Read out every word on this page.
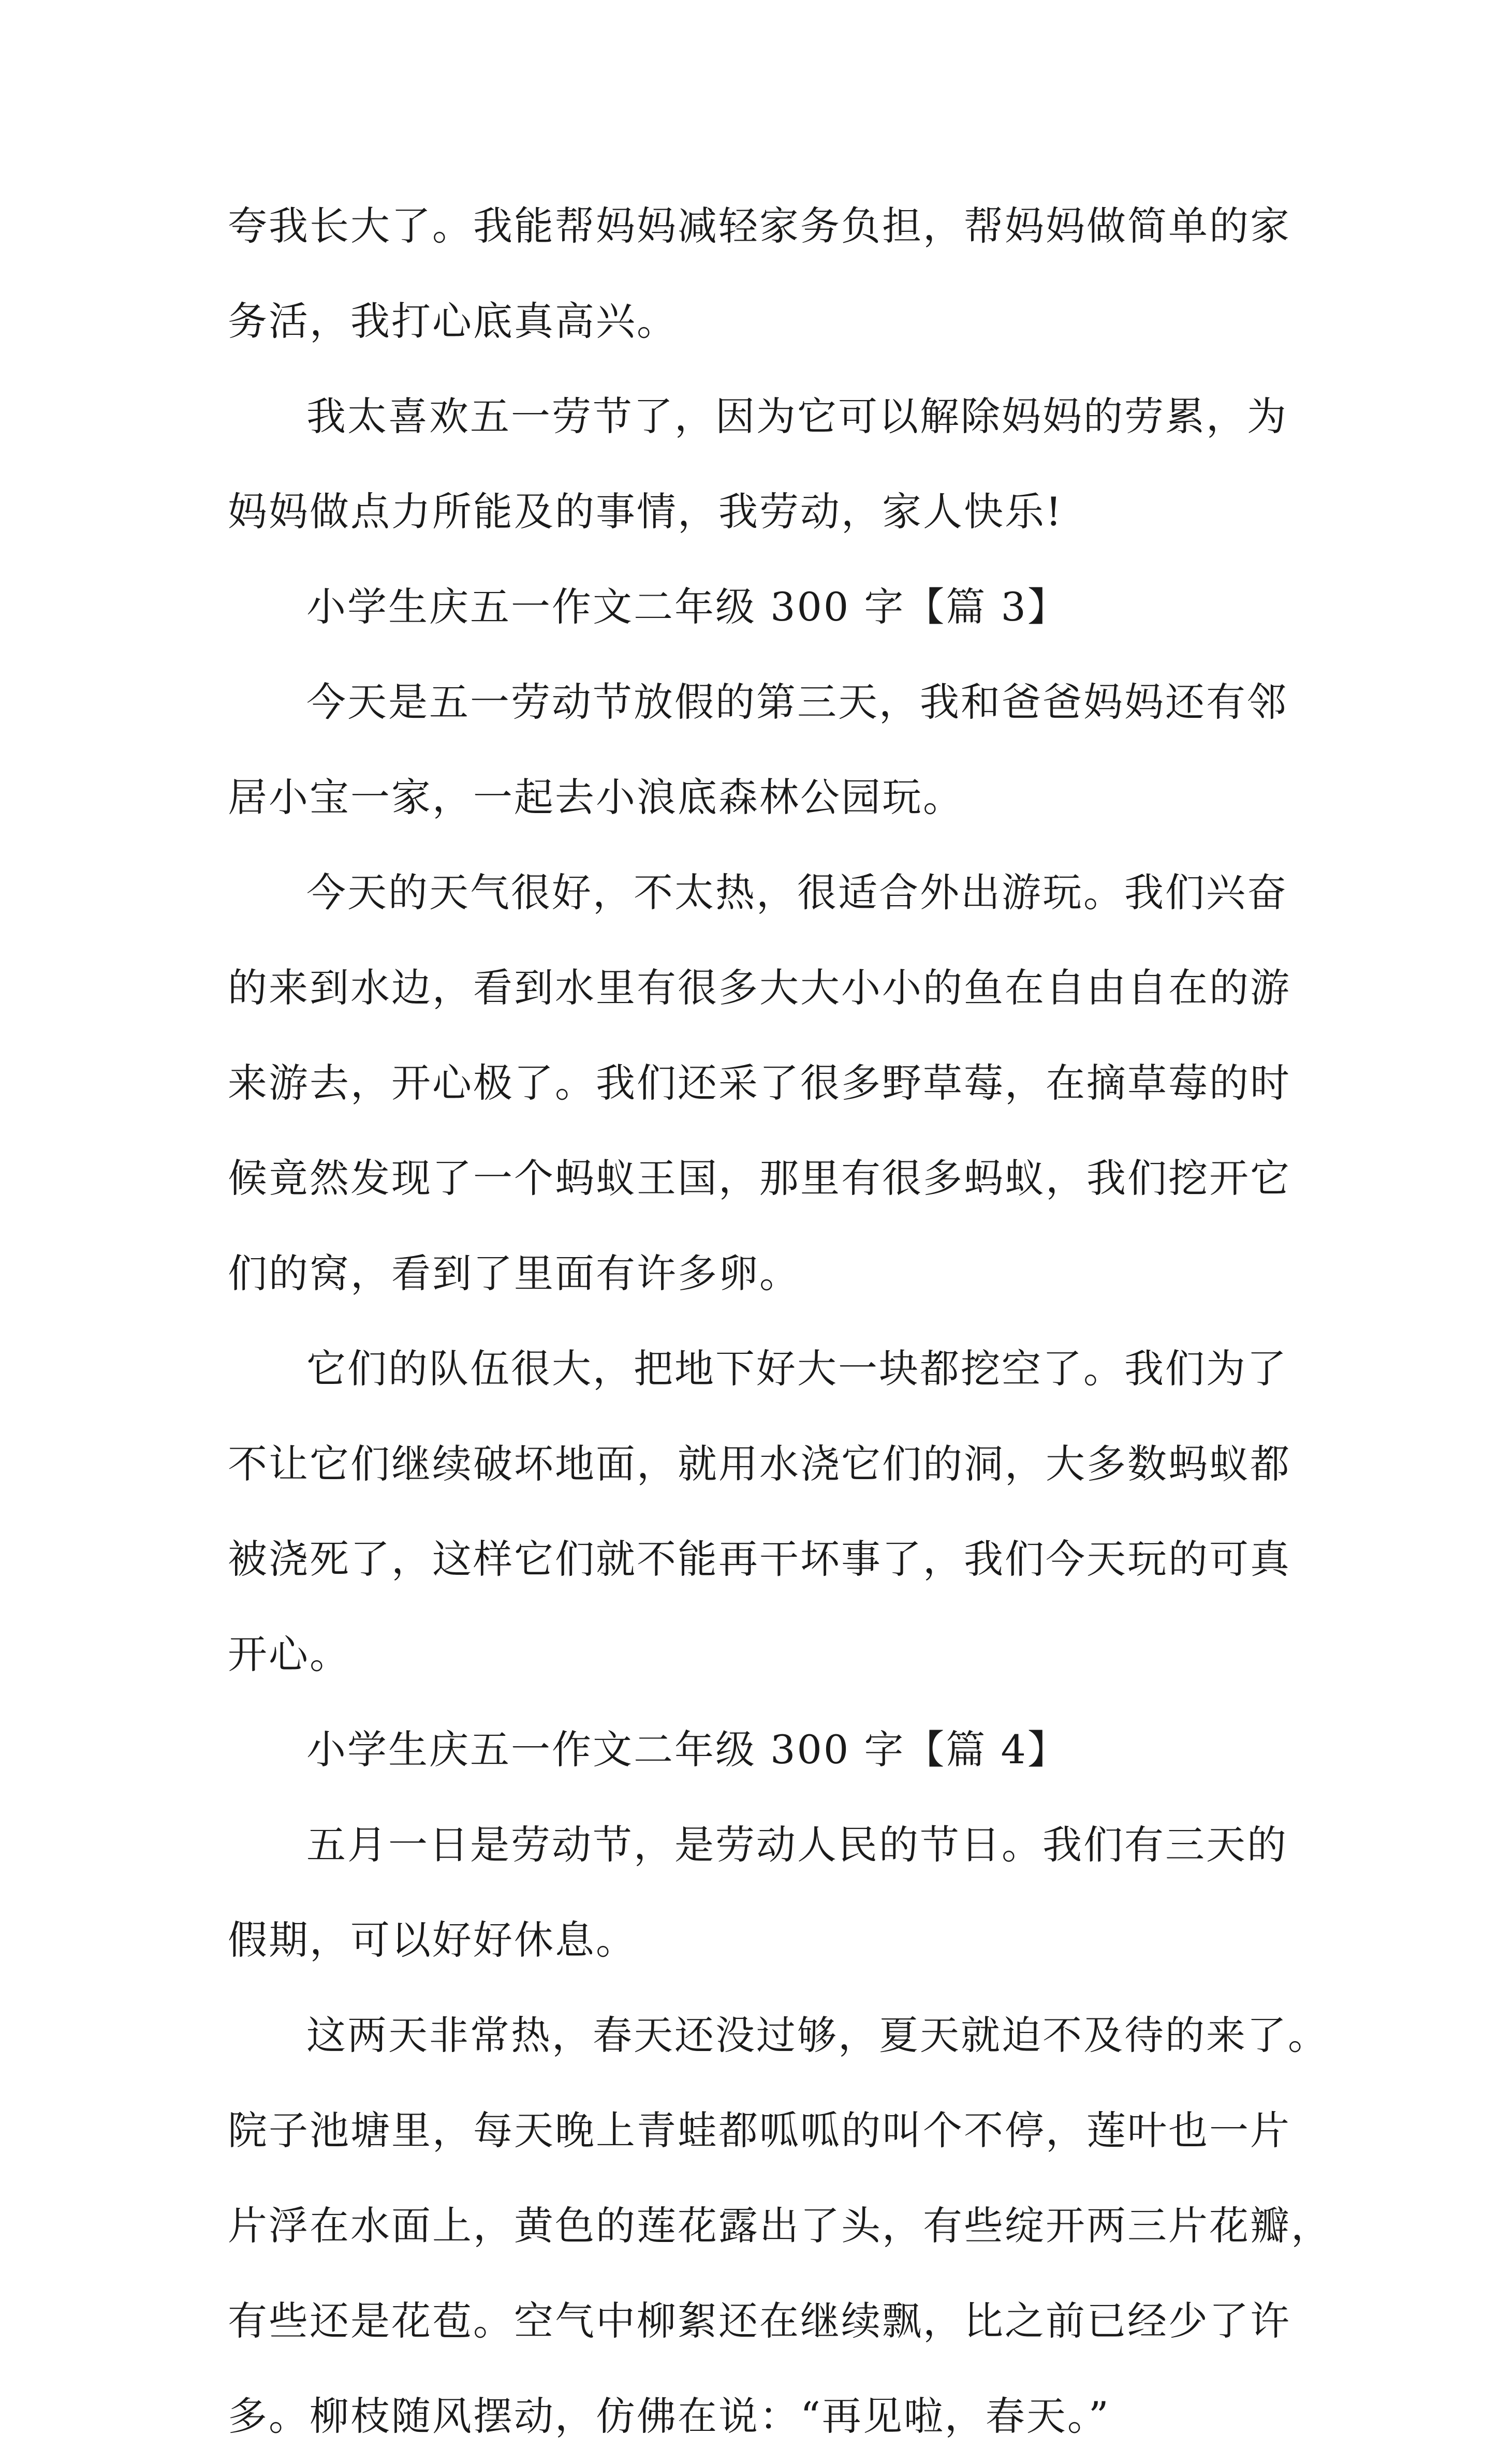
夸我长大了。我能帮妈妈减轻家务负担，帮妈妈做简单的家
务活，我打心底真高兴。
我太喜欢五一劳节了，因为它可以解除妈妈的劳累，为
妈妈做点力所能及的事情，我劳动，家人快乐!
小学生庆五一作文二年级 300 字【篇 3】
今天是五一劳动节放假的第三天，我和爸爸妈妈还有邻
居小宝一家，一起去小浪底森林公园玩。
今天的天气很好，不太热，很适合外出游玩。我们兴奋
的来到水边，看到水里有很多大大小小的鱼在自由自在的游
来游去，开心极了。我们还采了很多野草莓，在摘草莓的时
候竟然发现了一个蚂蚁王国，那里有很多蚂蚁，我们挖开它
们的窝，看到了里面有许多卵。
它们的队伍很大，把地下好大一块都挖空了。我们为了
不让它们继续破坏地面，就用水浇它们的洞，大多数蚂蚁都
被浇死了，这样它们就不能再干坏事了，我们今天玩的可真
开心。
小学生庆五一作文二年级 300 字【篇 4】
五月一日是劳动节，是劳动人民的节日。我们有三天的
假期，可以好好休息。
这两天非常热，春天还没过够，夏天就迫不及待的来了。
院子池塘里，每天晚上青蛙都呱呱的叫个不停，莲叶也一片
片浮在水面上，黄色的莲花露出了头，有些绽开两三片花瓣，
有些还是花苞。空气中柳絮还在继续飘，比之前已经少了许
多。柳枝随风摆动，仿佛在说：“再见啦，春天。”
